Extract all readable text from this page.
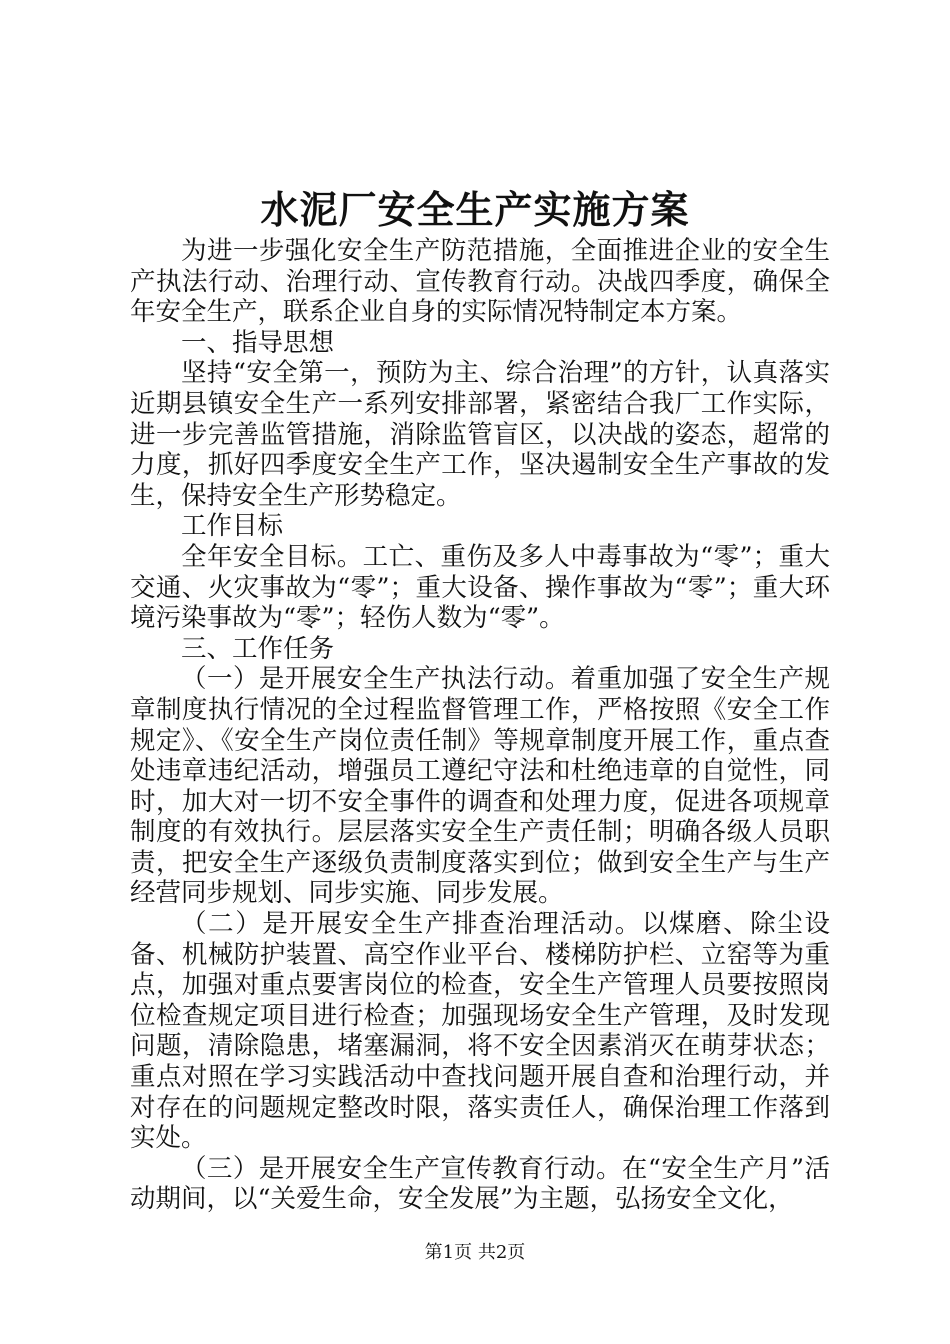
水泥厂安全生产实施方案

为进一步强化安全生产防范措施，全面推进企业的安全生产执法行动、治理行动、宣传教育行动。决战四季度，确保全年安全生产，联系企业自身的实际情况特制定本方案。

一、指导思想

坚持“安全第一，预防为主、综合治理”的方针，认真落实近期县镇安全生产一系列安排部署，紧密结合我厂工作实际，进一步完善监管措施，消除监管盲区，以决战的姿态，超常的力度，抓好四季度安全生产工作，坚决遏制安全生产事故的发生，保持安全生产形势稳定。

工作目标

全年安全目标。工亡、重伤及多人中毒事故为“零”；重大交通、火灾事故为“零”；重大设备、操作事故为“零”；重大环境污染事故为“零”；轻伤人数为“零”。

三、工作任务

（一）是开展安全生产执法行动。着重加强了安全生产规章制度执行情况的全过程监督管理工作，严格按照《安全工作规定》、《安全生产岗位责任制》等规章制度开展工作，重点查处违章违纪活动，增强员工遵纪守法和杜绝违章的自觉性，同时，加大对一切不安全事件的调查和处理力度，促进各项规章制度的有效执行。层层落实安全生产责任制；明确各级人员职责，把安全生产逐级负责制度落实到位；做到安全生产与生产经营同步规划、同步实施、同步发展。

（二）是开展安全生产排查治理活动。以煤磨、除尘设备、机械防护装置、高空作业平台、楼梯防护栏、立窑等为重点，加强对重点要害岗位的检查，安全生产管理人员要按照岗位检查规定项目进行检查；加强现场安全生产管理，及时发现问题，清除隐患，堵塞漏洞，将不安全因素消灭在萌芽状态；重点对照在学习实践活动中查找问题开展自查和治理行动，并对存在的问题规定整改时限，落实责任人，确保治理工作落到实处。

（三）是开展安全生产宣传教育行动。在“安全生产月”活动期间，以“关爱生命，安全发展”为主题，弘扬安全文化，

第1页 共2页
